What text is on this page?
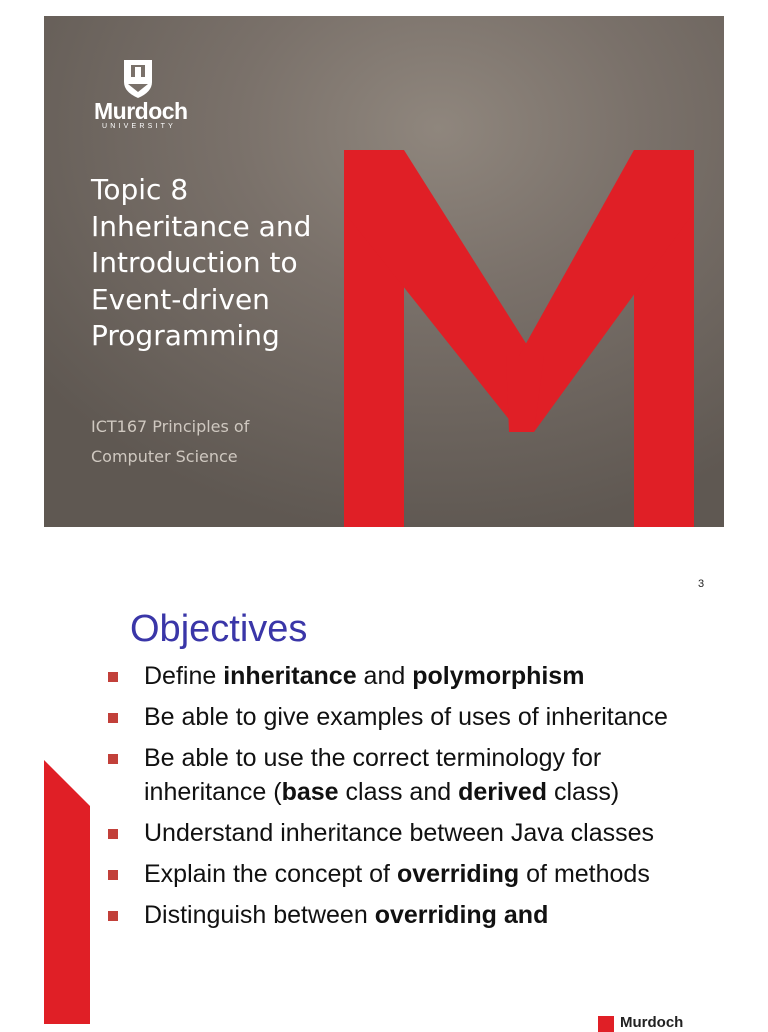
Murdoch
UNIVERSITY
Topic 8
Inheritance and
Introduction to
Event-driven
Programming
ICT167 Principles of
Computer Science
3
Objectives
Define inheritance and polymorphism
Be able to give examples of uses of inheritance
Be able to use the correct terminology for inheritance (base class and derived class)
Understand inheritance between Java classes
Explain the concept of overriding of methods
Distinguish between overriding and
Murdoch
